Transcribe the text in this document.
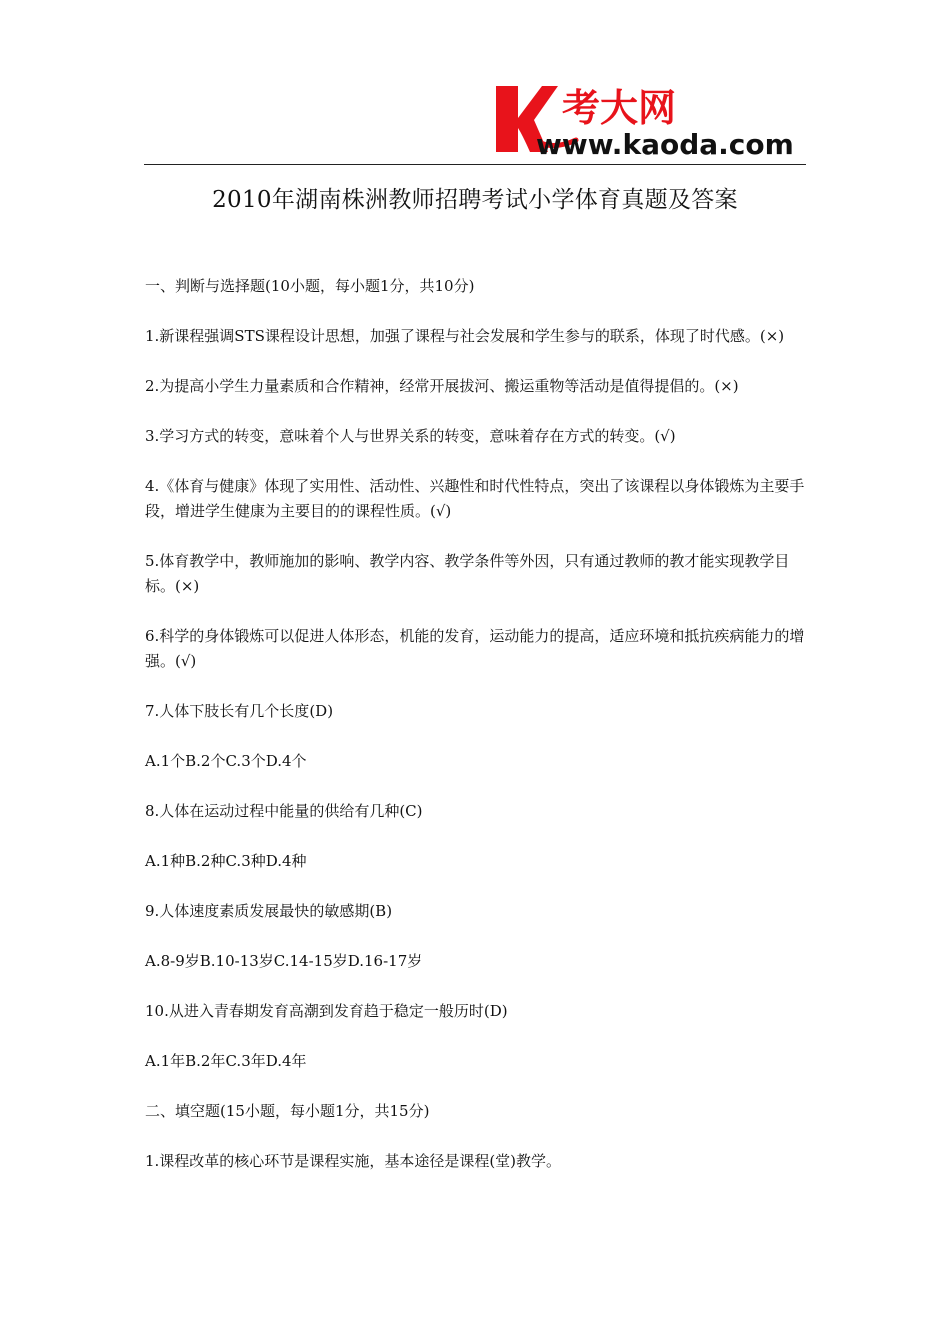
考大网
www.kaoda.com
2010年湖南株洲教师招聘考试小学体育真题及答案

一、判断与选择题(10小题，每小题1分，共10分)

1.新课程强调STS课程设计思想，加强了课程与社会发展和学生参与的联系，体现了时代感。(×)

2.为提高小学生力量素质和合作精神，经常开展拔河、搬运重物等活动是值得提倡的。(×)

3.学习方式的转变，意味着个人与世界关系的转变，意味着存在方式的转变。(√)

4.《体育与健康》体现了实用性、活动性、兴趣性和时代性特点，突出了该课程以身体锻炼为主要手段，增进学生健康为主要目的的课程性质。(√)

5.体育教学中，教师施加的影响、教学内容、教学条件等外因，只有通过教师的教才能实现教学目标。(×)

6.科学的身体锻炼可以促进人体形态，机能的发育，运动能力的提高，适应环境和抵抗疾病能力的增强。(√)

7.人体下肢长有几个长度(D)

A.1个B.2个C.3个D.4个

8.人体在运动过程中能量的供给有几种(C)

A.1种B.2种C.3种D.4种

9.人体速度素质发展最快的敏感期(B)

A.8-9岁B.10-13岁C.14-15岁D.16-17岁

10.从进入青春期发育高潮到发育趋于稳定一般历时(D)

A.1年B.2年C.3年D.4年

二、填空题(15小题，每小题1分，共15分)

1.课程改革的核心环节是课程实施，基本途径是课程(堂)教学。
